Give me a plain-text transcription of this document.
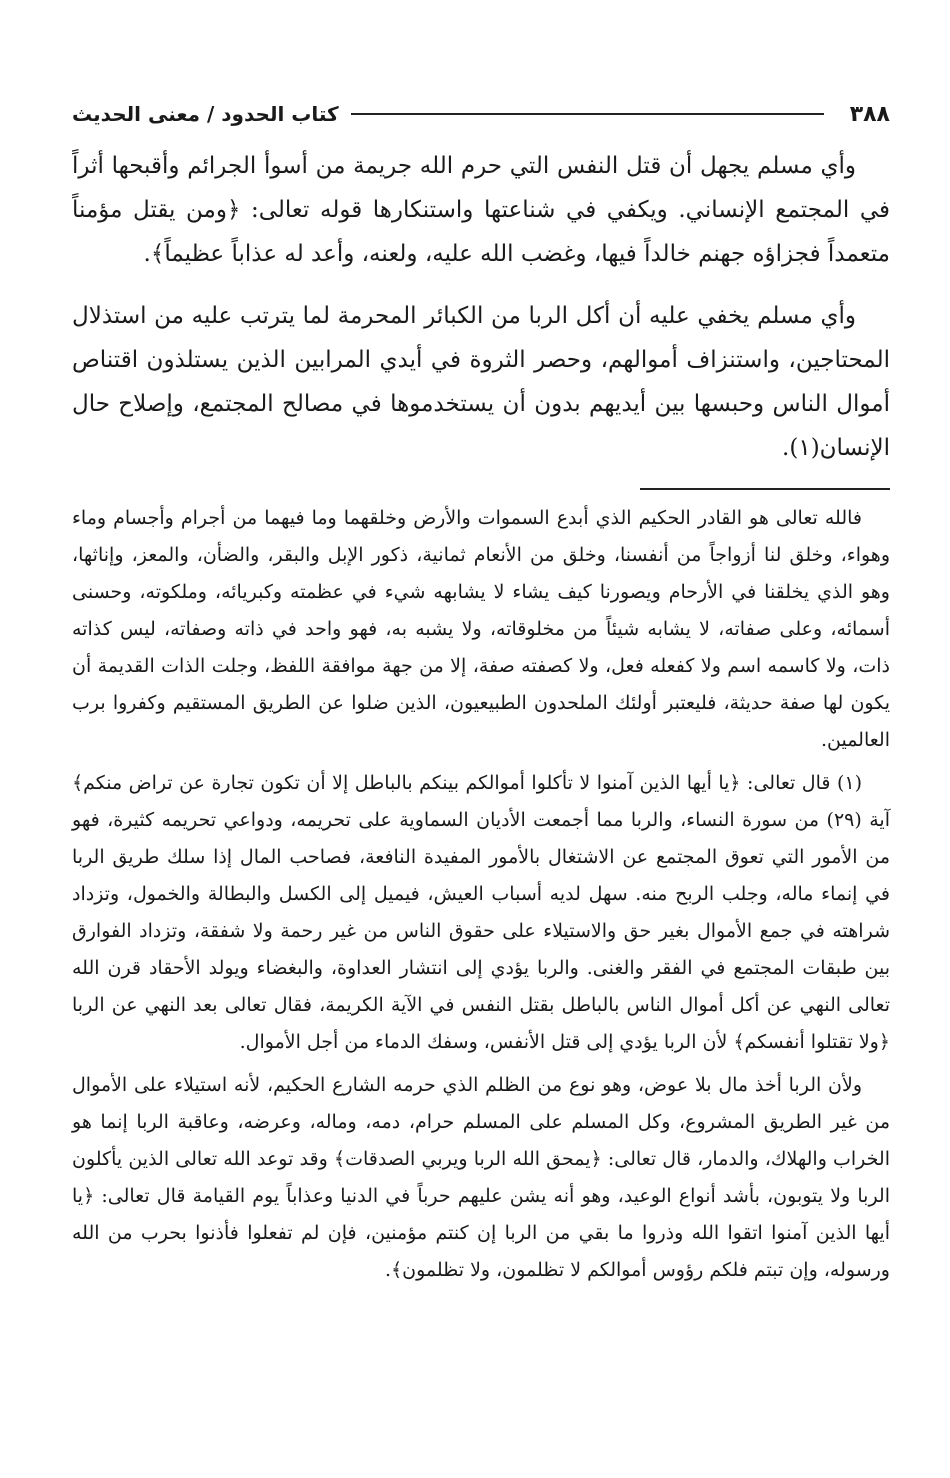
٣٨٨
كتاب الحدود / معنى الحديث

وأي مسلم يجهل أن قتل النفس التي حرم الله جريمة من أسوأ الجرائم وأقبحها أثراً في المجتمع الإنساني. ويكفي في شناعتها واستنكارها قوله تعالى: ﴿ومن يقتل مؤمناً متعمداً فجزاؤه جهنم خالداً فيها، وغضب الله عليه، ولعنه، وأعد له عذاباً عظيماً﴾.

وأي مسلم يخفي عليه أن أكل الربا من الكبائر المحرمة لما يترتب عليه من استذلال المحتاجين، واستنزاف أموالهم، وحصر الثروة في أيدي المرابين الذين يستلذون اقتناص أموال الناس وحبسها بين أيديهم بدون أن يستخدموها في مصالح المجتمع، وإصلاح حال الإنسان(١).

فالله تعالى هو القادر الحكيم الذي أبدع السموات والأرض وخلقهما وما فيهما من أجرام وأجسام وماء وهواء، وخلق لنا أزواجاً من أنفسنا، وخلق من الأنعام ثمانية، ذكور الإبل والبقر، والضأن، والمعز، وإناثها، وهو الذي يخلقنا في الأرحام ويصورنا كيف يشاء لا يشابهه شيء في عظمته وكبريائه، وملكوته، وحسنى أسمائه، وعلى صفاته، لا يشابه شيئاً من مخلوقاته، ولا يشبه به، فهو واحد في ذاته وصفاته، ليس كذاته ذات، ولا كاسمه اسم ولا كفعله فعل، ولا كصفته صفة، إلا من جهة موافقة اللفظ، وجلت الذات القديمة أن يكون لها صفة حديثة، فليعتبر أولئك الملحدون الطبيعيون، الذين ضلوا عن الطريق المستقيم وكفروا برب العالمين.

(١) قال تعالى: ﴿يا أيها الذين آمنوا لا تأكلوا أموالكم بينكم بالباطل إلا أن تكون تجارة عن تراض منكم﴾ آية (٢٩) من سورة النساء، والربا مما أجمعت الأديان السماوية على تحريمه، ودواعي تحريمه كثيرة، فهو من الأمور التي تعوق المجتمع عن الاشتغال بالأمور المفيدة النافعة، فصاحب المال إذا سلك طريق الربا في إنماء ماله، وجلب الربح منه. سهل لديه أسباب العيش، فيميل إلى الكسل والبطالة والخمول، وتزداد شراهته في جمع الأموال بغير حق والاستيلاء على حقوق الناس من غير رحمة ولا شفقة، وتزداد الفوارق بين طبقات المجتمع في الفقر والغنى. والربا يؤدي إلى انتشار العداوة، والبغضاء ويولد الأحقاد قرن الله تعالى النهي عن أكل أموال الناس بالباطل بقتل النفس في الآية الكريمة، فقال تعالى بعد النهي عن الربا ﴿ولا تقتلوا أنفسكم﴾ لأن الربا يؤدي إلى قتل الأنفس، وسفك الدماء من أجل الأموال.

ولأن الربا أخذ مال بلا عوض، وهو نوع من الظلم الذي حرمه الشارع الحكيم، لأنه استيلاء على الأموال من غير الطريق المشروع، وكل المسلم على المسلم حرام، دمه، وماله، وعرضه، وعاقبة الربا إنما هو الخراب والهلاك، والدمار، قال تعالى: ﴿يمحق الله الربا ويربي الصدقات﴾ وقد توعد الله تعالى الذين يأكلون الربا ولا يتوبون، بأشد أنواع الوعيد، وهو أنه يشن عليهم حرباً في الدنيا وعذاباً يوم القيامة قال تعالى: ﴿يا أيها الذين آمنوا اتقوا الله وذروا ما بقي من الربا إن كنتم مؤمنين، فإن لم تفعلوا فأذنوا بحرب من الله ورسوله، وإن تبتم فلكم رؤوس أموالكم لا تظلمون، ولا تظلمون﴾.
